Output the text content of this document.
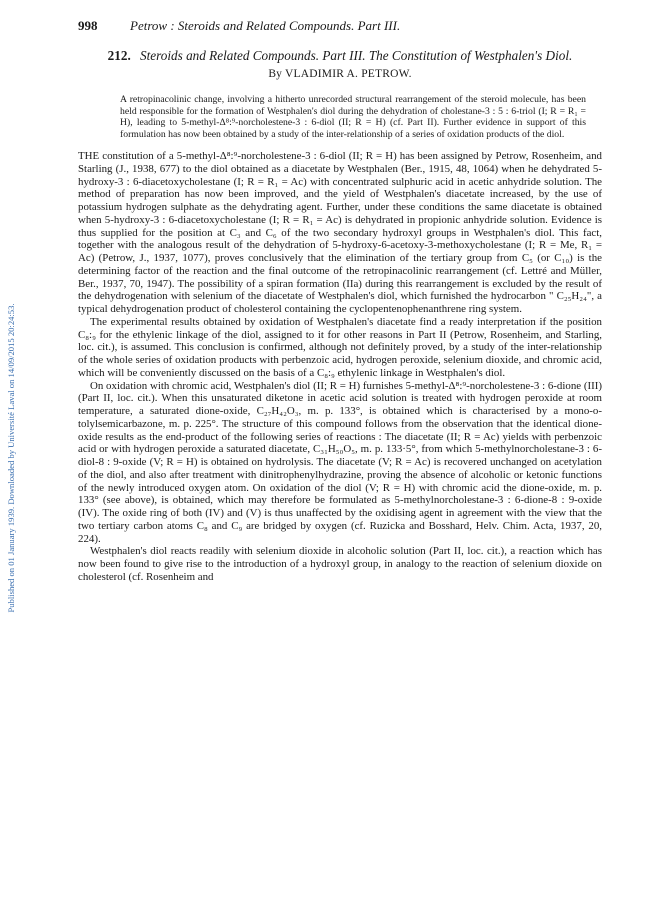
Published on 01 January 1939. Downloaded by Université Laval on 14/09/2015 20:24:53.
998	Petrow : Steroids and Related Compounds. Part III.
212. Steroids and Related Compounds. Part III. The Constitution of Westphalen's Diol.
By VLADIMIR A. PETROW.
A retropinacolinic change, involving a hitherto unrecorded structural rearrangement of the steroid molecule, has been held responsible for the formation of Westphalen's diol during the dehydration of cholestane-3 : 5 : 6-triol (I; R = R₁ = H), leading to 5-methyl-Δ⁸:⁹-norcholestene-3 : 6-diol (II; R = H) (cf. Part II). Further evidence in support of this formulation has now been obtained by a study of the inter-relationship of a series of oxidation products of the diol.

THE constitution of a 5-methyl-Δ⁸:⁹-norcholestene-3 : 6-diol (II; R = H) has been assigned by Petrow, Rosenheim, and Starling (J., 1938, 677) to the diol obtained as a diacetate by Westphalen (Ber., 1915, 48, 1064) when he dehydrated 5-hydroxy-3 : 6-diacetoxycholestane (I; R = R₁ = Ac) with concentrated sulphuric acid in acetic anhydride solution. The method of preparation has now been improved, and the yield of Westphalen's diacetate increased, by the use of potassium hydrogen sulphate as the dehydrating agent. Further, under these conditions the same diacetate is obtained when 5-hydroxy-3 : 6-diacetoxycholestane (I; R = R₁ = Ac) is dehydrated in propionic anhydride solution. Evidence is thus supplied for the position at C₃ and C₆ of the two secondary hydroxyl groups in Westphalen's diol. This fact, together with the analogous result of the dehydration of 5-hydroxy-6-acetoxy-3-methoxycholestane (I; R = Me, R₁ = Ac) (Petrow, J., 1937, 1077), proves conclusively that the elimination of the tertiary group from C₅ (or C₁₀) is the determining factor of the reaction and the final outcome of the retropinacolinic rearrangement (cf. Lettré and Müller, Ber., 1937, 70, 1947). The possibility of a spiran formation (IIa) during this rearrangement is excluded by the result of the dehydrogenation with selenium of the diacetate of Westphalen's diol, which furnished the hydrocarbon " C₂₅H₂₄", a typical dehydrogenation product of cholesterol containing the cyclopentenophenanthrene ring system.

The experimental results obtained by oxidation of Westphalen's diacetate find a ready interpretation if the position C₈:₉ for the ethylenic linkage of the diol, assigned to it for other reasons in Part II (Petrow, Rosenheim, and Starling, loc. cit.), is assumed. This conclusion is confirmed, although not definitely proved, by a study of the inter-relationship of the whole series of oxidation products with perbenzoic acid, hydrogen peroxide, selenium dioxide, and chromic acid, which will be conveniently discussed on the basis of a C₈:₉ ethylenic linkage in Westphalen's diol.

On oxidation with chromic acid, Westphalen's diol (II; R = H) furnishes 5-methyl-Δ⁸:⁹-norcholestene-3 : 6-dione (III) (Part II, loc. cit.). When this unsaturated diketone in acetic acid solution is treated with hydrogen peroxide at room temperature, a saturated dione-oxide, C₂₇H₄₂O₃, m. p. 133°, is obtained which is characterised by a mono-o-tolylsemicarbazone, m. p. 225°. The structure of this compound follows from the observation that the identical dione-oxide results as the end-product of the following series of reactions : The diacetate (II; R = Ac) yields with perbenzoic acid or with hydrogen peroxide a saturated diacetate, C₃₁H₅₀O₅, m. p. 133·5°, from which 5-methylnorcholestane-3 : 6-diol-8 : 9-oxide (V; R = H) is obtained on hydrolysis. The diacetate (V; R = Ac) is recovered unchanged on acetylation of the diol, and also after treatment with dinitrophenylhydrazine, proving the absence of alcoholic or ketonic functions of the newly introduced oxygen atom. On oxidation of the diol (V; R = H) with chromic acid the dione-oxide, m. p. 133° (see above), is obtained, which may therefore be formulated as 5-methylnorcholestane-3 : 6-dione-8 : 9-oxide (IV). The oxide ring of both (IV) and (V) is thus unaffected by the oxidising agent in agreement with the view that the two tertiary carbon atoms C₈ and C₉ are bridged by oxygen (cf. Ruzicka and Bosshard, Helv. Chim. Acta, 1937, 20, 224).

Westphalen's diol reacts readily with selenium dioxide in alcoholic solution (Part II, loc. cit.), a reaction which has now been found to give rise to the introduction of a hydroxyl group, in analogy to the reaction of selenium dioxide on cholesterol (cf. Rosenheim and
